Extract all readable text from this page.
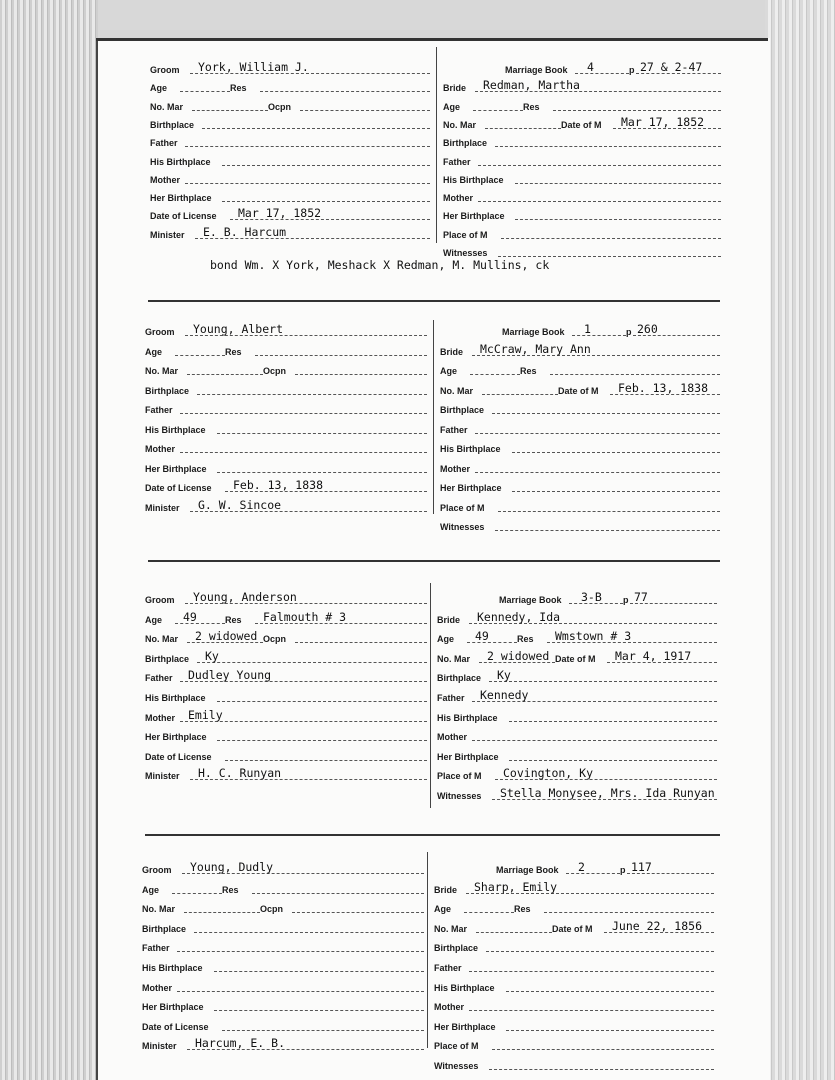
Groom York, William J.
Age	Res
No. Mar	Ocpn
Birthplace
Father
His Birthplace
Mother
Her Birthplace
Date of License Mar 17, 1852
Minister E. B. Harcum
Marriage Book 4	p 27 & 2-47
Bride Redman, Martha
Age	Res
No. Mar	Date of M Mar 17, 1852
Birthplace
Father
His Birthplace
Mother
Her Birthplace
Place of M
Witnesses
bond Wm. X York, Meshack X Redman, M. Mullins, ck
Groom Young, Albert
Age	Res
No. Mar	Ocpn
Birthplace
Father
His Birthplace
Mother
Her Birthplace
Date of License Feb. 13, 1838
Minister G. W. Sincoe
Marriage Book 1	p 260
Bride McCraw, Mary Ann
Age	Res
No. Mar	Date of M Feb. 13, 1838
Birthplace
Father
His Birthplace
Mother
Her Birthplace
Place of M
Witnesses
Groom Young, Anderson
Age 49	Res Falmouth # 3
No. Mar 2 widowed Ocpn
Birthplace Ky
Father Dudley Young
His Birthplace
Mother Emily
Her Birthplace
Date of License
Minister H. C. Runyan
Marriage Book 3-B p 77
Bride Kennedy, Ida
Age 49	Res Wmstown # 3
No. Mar 2 widowed Date of M Mar 4, 1917
Birthplace Ky
Father Kennedy
His Birthplace
Mother
Her Birthplace
Place of M Covington, Ky
Witnesses Stella Monysee, Mrs. Ida Runyan
Groom Young, Dudly
Age	Res
No. Mar	Ocpn
Birthplace
Father
His Birthplace
Mother
Her Birthplace
Date of License
Minister Harcum, E. B.
Marriage Book 2	p 117
Bride Sharp, Emily
Age	Res
No. Mar	Date of M June 22, 1856
Birthplace
Father
His Birthplace
Mother
Her Birthplace
Place of M
Witnesses
